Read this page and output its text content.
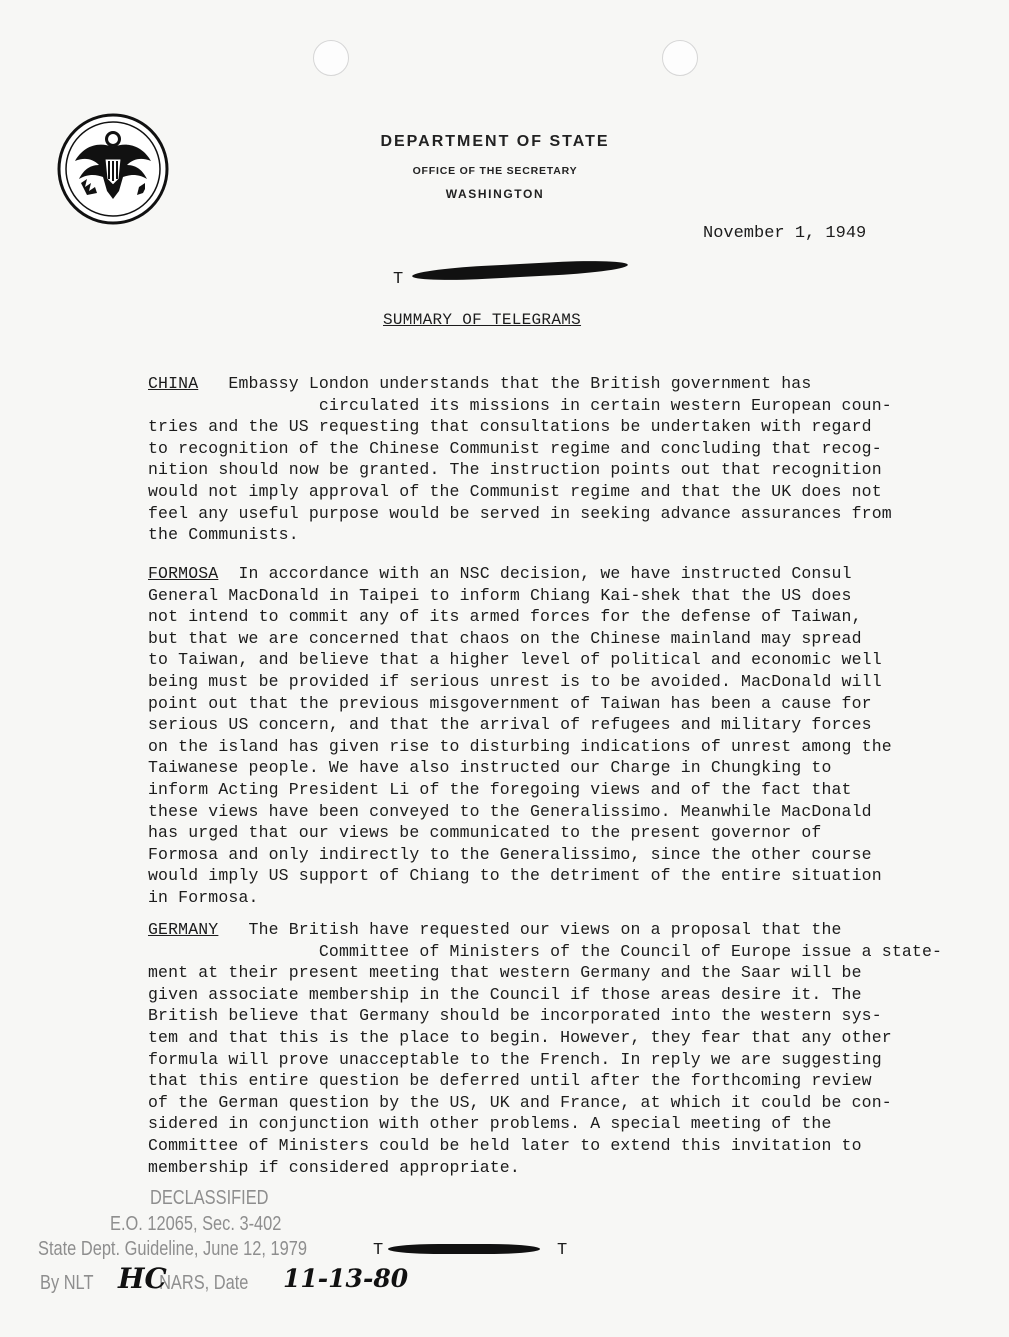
DEPARTMENT OF STATE
OFFICE OF THE SECRETARY
WASHINGTON
November 1, 1949
T
SUMMARY OF TELEGRAMS
CHINA   Embassy London understands that the British government has
circulated its missions in certain western European coun-
tries and the US requesting that consultations be undertaken with regard
to recognition of the Chinese Communist regime and concluding that recog-
nition should now be granted. The instruction points out that recognition
would not imply approval of the Communist regime and that the UK does not
feel any useful purpose would be served in seeking advance assurances from
the Communists.
FORMOSA  In accordance with an NSC decision, we have instructed Consul
General MacDonald in Taipei to inform Chiang Kai-shek that the US does
not intend to commit any of its armed forces for the defense of Taiwan,
but that we are concerned that chaos on the Chinese mainland may spread
to Taiwan, and believe that a higher level of political and economic well
being must be provided if serious unrest is to be avoided. MacDonald will
point out that the previous misgovernment of Taiwan has been a cause for
serious US concern, and that the arrival of refugees and military forces
on the island has given rise to disturbing indications of unrest among the
Taiwanese people. We have also instructed our Charge in Chungking to
inform Acting President Li of the foregoing views and of the fact that
these views have been conveyed to the Generalissimo. Meanwhile MacDonald
has urged that our views be communicated to the present governor of
Formosa and only indirectly to the Generalissimo, since the other course
would imply US support of Chiang to the detriment of the entire situation
in Formosa.
GERMANY   The British have requested our views on a proposal that the
Committee of Ministers of the Council of Europe issue a state-
ment at their present meeting that western Germany and the Saar will be
given associate membership in the Council if those areas desire it. The
British believe that Germany should be incorporated into the western sys-
tem and that this is the place to begin. However, they fear that any other
formula will prove unacceptable to the French. In reply we are suggesting
that this entire question be deferred until after the forthcoming review
of the German question by the US, UK and France, at which it could be con-
sidered in conjunction with other problems. A special meeting of the
Committee of Ministers could be held later to extend this invitation to
membership if considered appropriate.
DECLASSIFIED
E.O. 12065, Sec. 3-402
State Dept. Guideline, June 12, 1979
By NLT	NARS, Date
HC	11-13-80
T	T
